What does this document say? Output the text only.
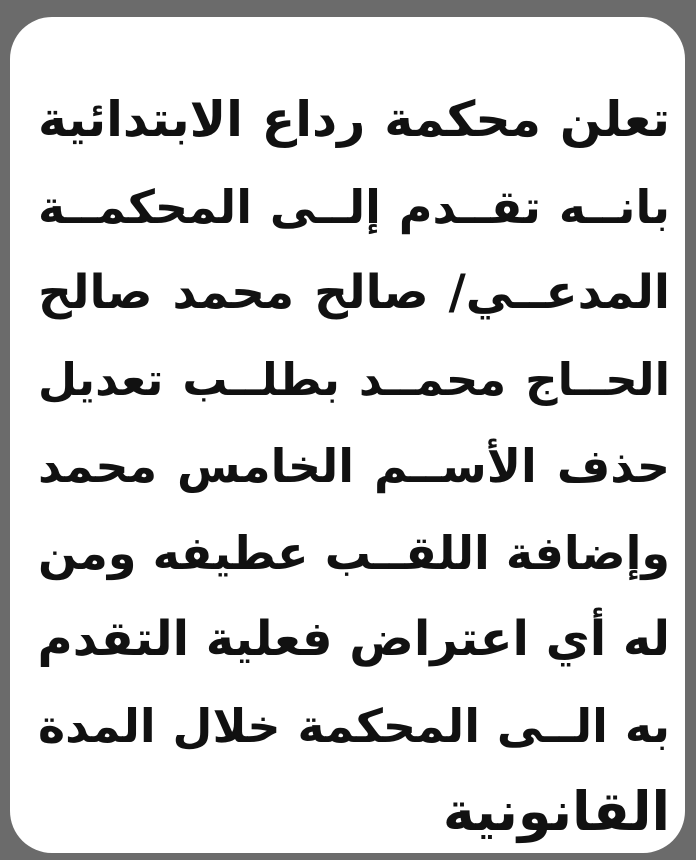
تعلن محكمة رداع الابتدائية
بانــه تقــدم إلــى المحكمــة
المدعــي/ صالح محمد صالح
الحــاج محمــد بطلــب تعديل
حذف الأســم الخامس محمد
وإضافة اللقــب عطيفه ومن
له أي اعتراض فعلية التقدم
به الــى المحكمة خلال المدة
القانونية
